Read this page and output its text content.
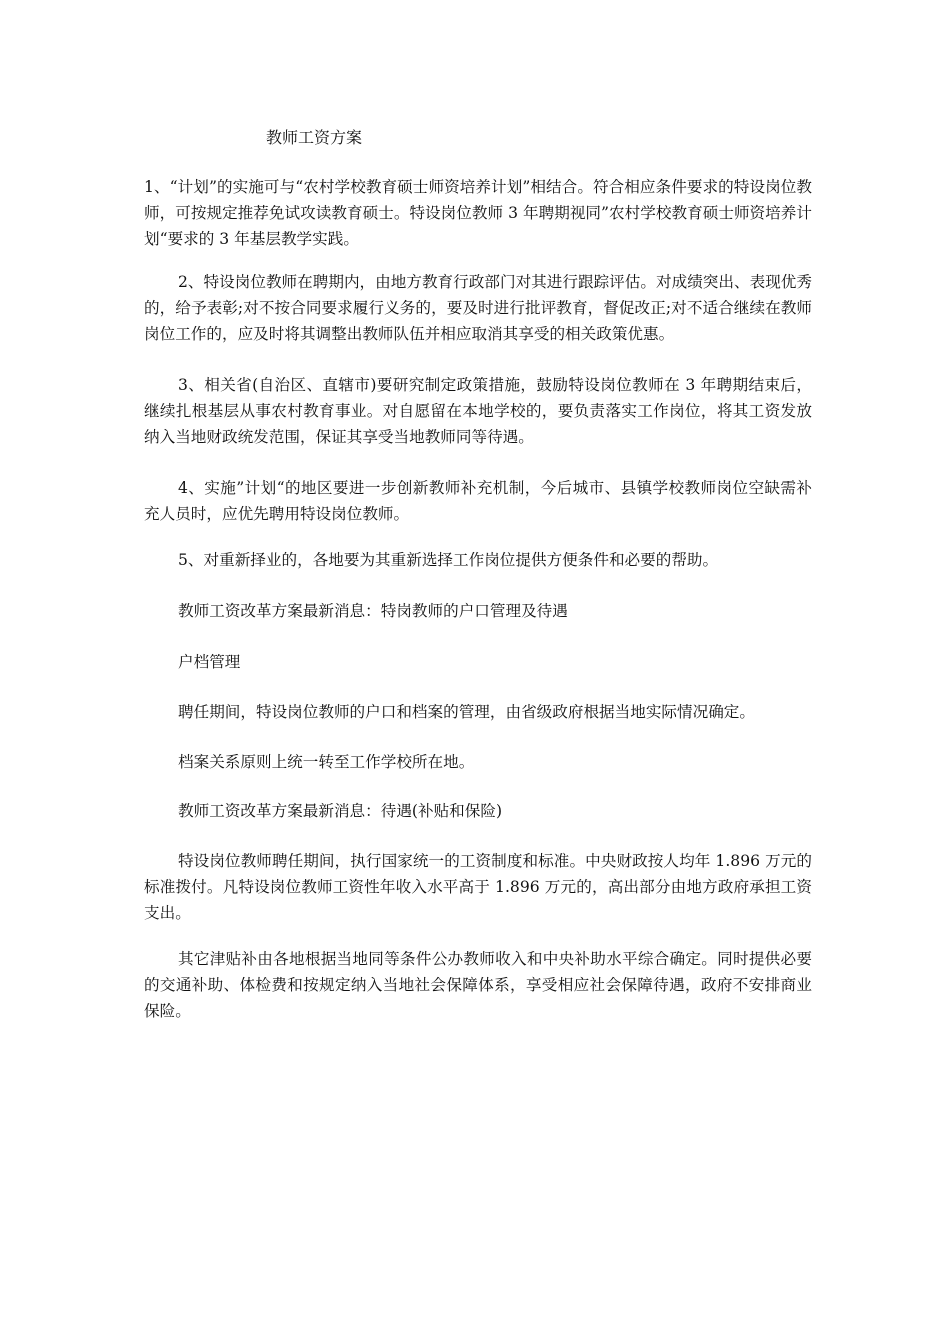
教师工资方案

1、“计划”的实施可与“农村学校教育硕士师资培养计划”相结合。符合相应条件要求的特设岗位教师，可按规定推荐免试攻读教育硕士。特设岗位教师 3 年聘期视同”农村学校教育硕士师资培养计划“要求的 3 年基层教学实践。

2、特设岗位教师在聘期内，由地方教育行政部门对其进行跟踪评估。对成绩突出、表现优秀的，给予表彰;对不按合同要求履行义务的，要及时进行批评教育，督促改正;对不适合继续在教师岗位工作的，应及时将其调整出教师队伍并相应取消其享受的相关政策优惠。

3、相关省(自治区、直辖市)要研究制定政策措施，鼓励特设岗位教师在 3 年聘期结束后，继续扎根基层从事农村教育事业。对自愿留在本地学校的，要负责落实工作岗位，将其工资发放纳入当地财政统发范围，保证其享受当地教师同等待遇。

4、实施”计划“的地区要进一步创新教师补充机制，今后城市、县镇学校教师岗位空缺需补充人员时，应优先聘用特设岗位教师。

5、对重新择业的，各地要为其重新选择工作岗位提供方便条件和必要的帮助。

教师工资改革方案最新消息：特岗教师的户口管理及待遇

户档管理

聘任期间，特设岗位教师的户口和档案的管理，由省级政府根据当地实际情况确定。

档案关系原则上统一转至工作学校所在地。

教师工资改革方案最新消息：待遇(补贴和保险)

特设岗位教师聘任期间，执行国家统一的工资制度和标准。中央财政按人均年 1.896 万元的标准拨付。凡特设岗位教师工资性年收入水平高于 1.896 万元的，高出部分由地方政府承担工资支出。

其它津贴补由各地根据当地同等条件公办教师收入和中央补助水平综合确定。同时提供必要的交通补助、体检费和按规定纳入当地社会保障体系，享受相应社会保障待遇，政府不安排商业保险。
